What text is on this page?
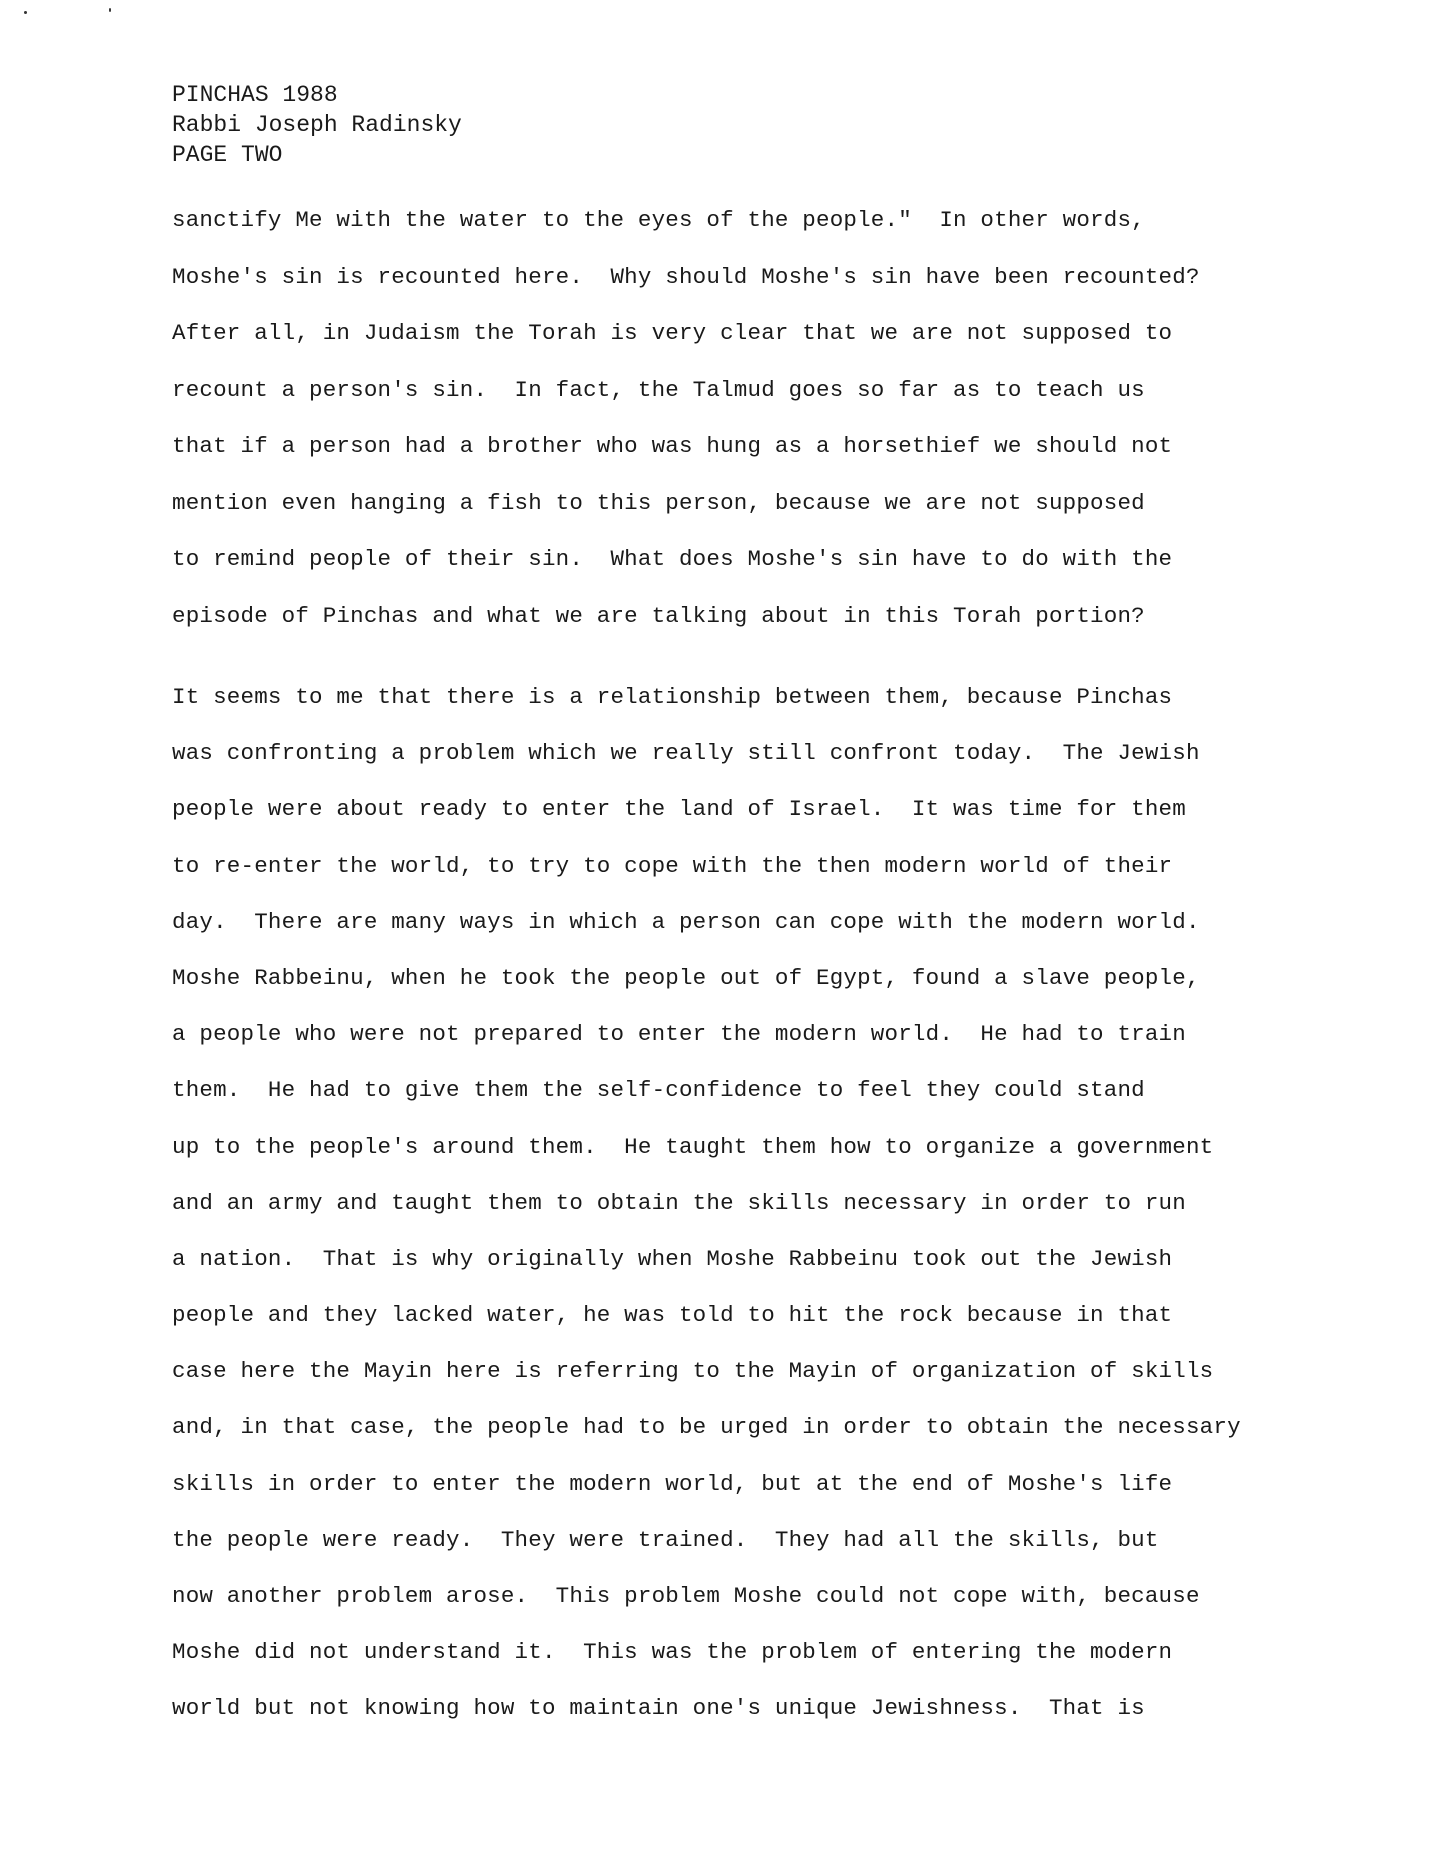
PINCHAS 1988
Rabbi Joseph Radinsky
PAGE TWO
sanctify Me with the water to the eyes of the people."  In other words,
Moshe's sin is recounted here.  Why should Moshe's sin have been recounted?
After all, in Judaism the Torah is very clear that we are not supposed to
recount a person's sin.  In fact, the Talmud goes so far as to teach us
that if a person had a brother who was hung as a horsethief we should not
mention even hanging a fish to this person, because we are not supposed
to remind people of their sin.  What does Moshe's sin have to do with the
episode of Pinchas and what we are talking about in this Torah portion?
It seems to me that there is a relationship between them, because Pinchas
was confronting a problem which we really still confront today.  The Jewish
people were about ready to enter the land of Israel.  It was time for them
to re-enter the world, to try to cope with the then modern world of their
day.  There are many ways in which a person can cope with the modern world.
Moshe Rabbeinu, when he took the people out of Egypt, found a slave people,
a people who were not prepared to enter the modern world.  He had to train
them.  He had to give them the self-confidence to feel they could stand
up to the people's around them.  He taught them how to organize a government
and an army and taught them to obtain the skills necessary in order to run
a nation.  That is why originally when Moshe Rabbeinu took out the Jewish
people and they lacked water, he was told to hit the rock because in that
case here the Mayin here is referring to the Mayin of organization of skills
and, in that case, the people had to be urged in order to obtain the necessary
skills in order to enter the modern world, but at the end of Moshe's life
the people were ready.  They were trained.  They had all the skills, but
now another problem arose.  This problem Moshe could not cope with, because
Moshe did not understand it.  This was the problem of entering the modern
world but not knowing how to maintain one's unique Jewishness.  That is
